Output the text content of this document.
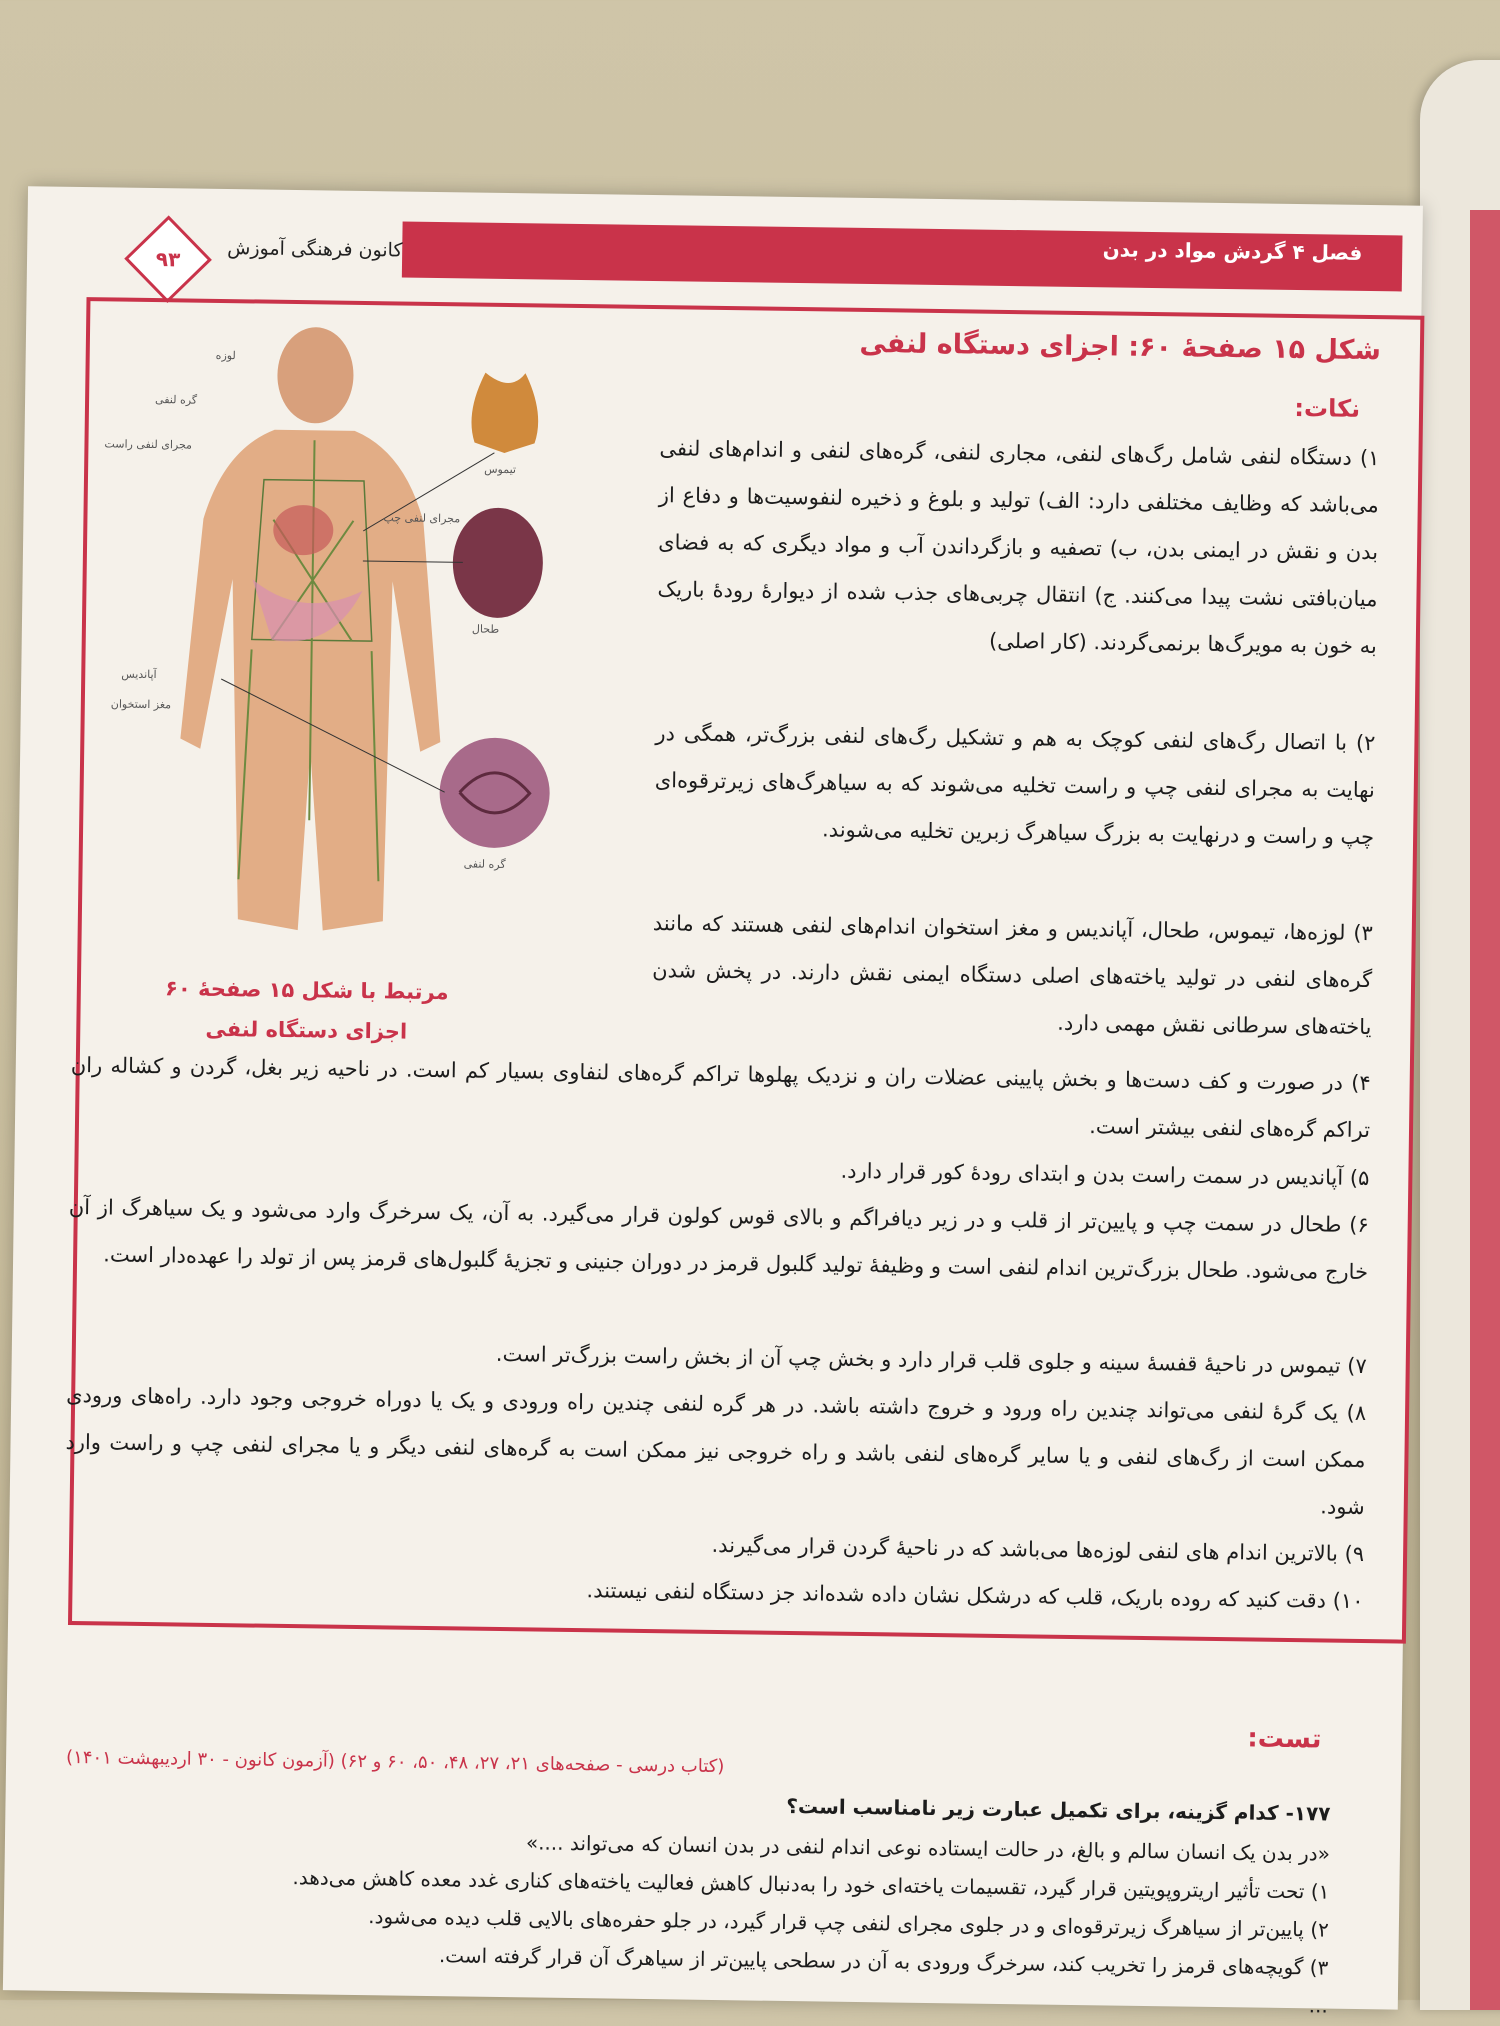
فصل ۴ گردش مواد در بدن
کانون فرهنگی آموزش
۹۳
شکل ۱۵ صفحهٔ ۶۰: اجزای دستگاه لنفی
نکات:
لوزه
گره لنفی
مجرای لنفی راست
تیموس
مجرای لنفی چپ
طحال
آپاندیس
مغز استخوان
گره لنفی
مرتبط با شکل ۱۵ صفحهٔ ۶۰
اجزای دستگاه لنفی
۱) دستگاه لنفی شامل رگ‌های لنفی، مجاری لنفی، گره‌های لنفی و اندام‌های لنفی می‌باشد که وظایف مختلفی دارد: الف) تولید و بلوغ و ذخیره لنفوسیت‌ها و دفاع از بدن و نقش در ایمنی بدن، ب) تصفیه و بازگرداندن آب و مواد دیگری که به فضای میان‌بافتی نشت پیدا می‌کنند. ج) انتقال چربی‌های جذب شده از دیوارهٔ رودهٔ باریک به خون به مویرگ‌ها برنمی‌گردند. (کار اصلی)
۲) با اتصال رگ‌های لنفی کوچک به هم و تشکیل رگ‌های لنفی بزرگ‌تر، همگی در نهایت به مجرای لنفی چپ و راست تخلیه می‌شوند که به سیاهرگ‌های زیرترقوه‌ای چپ و راست و درنهایت به بزرگ سیاهرگ زبرین تخلیه می‌شوند.
۳) لوزه‌ها، تیموس، طحال، آپاندیس و مغز استخوان اندام‌های لنفی هستند که مانند گره‌های لنفی در تولید یاخته‌های اصلی دستگاه ایمنی نقش دارند. در پخش شدن یاخته‌های سرطانی نقش مهمی دارد.
۴) در صورت و کف دست‌ها و بخش پایینی عضلات ران و نزدیک پهلوها تراکم گره‌های لنفاوی بسیار کم است. در ناحیه زیر بغل، گردن و کشاله ران تراکم گره‌های لنفی بیشتر است.
۵) آپاندیس در سمت راست بدن و ابتدای رودهٔ کور قرار دارد.
۶) طحال در سمت چپ و پایین‌تر از قلب و در زیر دیافراگم و بالای قوس کولون قرار می‌گیرد. به آن، یک سرخرگ وارد می‌شود و یک سیاهرگ از آن خارج می‌شود. طحال بزرگ‌ترین اندام لنفی است و وظیفهٔ تولید گلبول قرمز در دوران جنینی و تجزیهٔ گلبول‌های قرمز پس از تولد را عهده‌دار است.
۷) تیموس در ناحیهٔ قفسهٔ سینه و جلوی قلب قرار دارد و بخش چپ آن از بخش راست بزرگ‌تر است.
۸) یک گرهٔ لنفی می‌تواند چندین راه ورود و خروج داشته باشد. در هر گره لنفی چندین راه ورودی و یک یا دوراه خروجی وجود دارد. راه‌های ورودی ممکن است از رگ‌های لنفی و یا سایر گره‌های لنفی باشد و راه خروجی نیز ممکن است به گره‌های لنفی دیگر و یا مجرای لنفی چپ و راست وارد شود.
۹) بالاترین اندام های لنفی لوزه‌ها می‌باشد که در ناحیهٔ گردن قرار می‌گیرند.
۱۰) دقت کنید که روده باریک، قلب که درشکل نشان داده شده‌اند جز دستگاه لنفی نیستند.
تست:
(کتاب درسی - صفحه‌های ۲۱، ۲۷، ۴۸، ۵۰، ۶۰ و ۶۲) (آزمون کانون - ۳۰ اردیبهشت ۱۴۰۱)
۱۷۷- کدام گزینه، برای تکمیل عبارت زیر نامناسب است؟
«در بدن یک انسان سالم و بالغ، در حالت ایستاده نوعی اندام لنفی در بدن انسان که می‌تواند ....»
۱) تحت تأثیر اریتروپویتین قرار گیرد، تقسیمات یاخته‌ای خود را به‌دنبال کاهش فعالیت یاخته‌های کناری غدد معده کاهش می‌دهد.
۲) پایین‌تر از سیاهرگ زیرترقوه‌ای و در جلوی مجرای لنفی چپ قرار گیرد، در جلو حفره‌های بالایی قلب دیده می‌شود.
۳) گویچه‌های قرمز را تخریب کند، سرخرگ ورودی به آن در سطحی پایین‌تر از سیاهرگ آن قرار گرفته است.
...
